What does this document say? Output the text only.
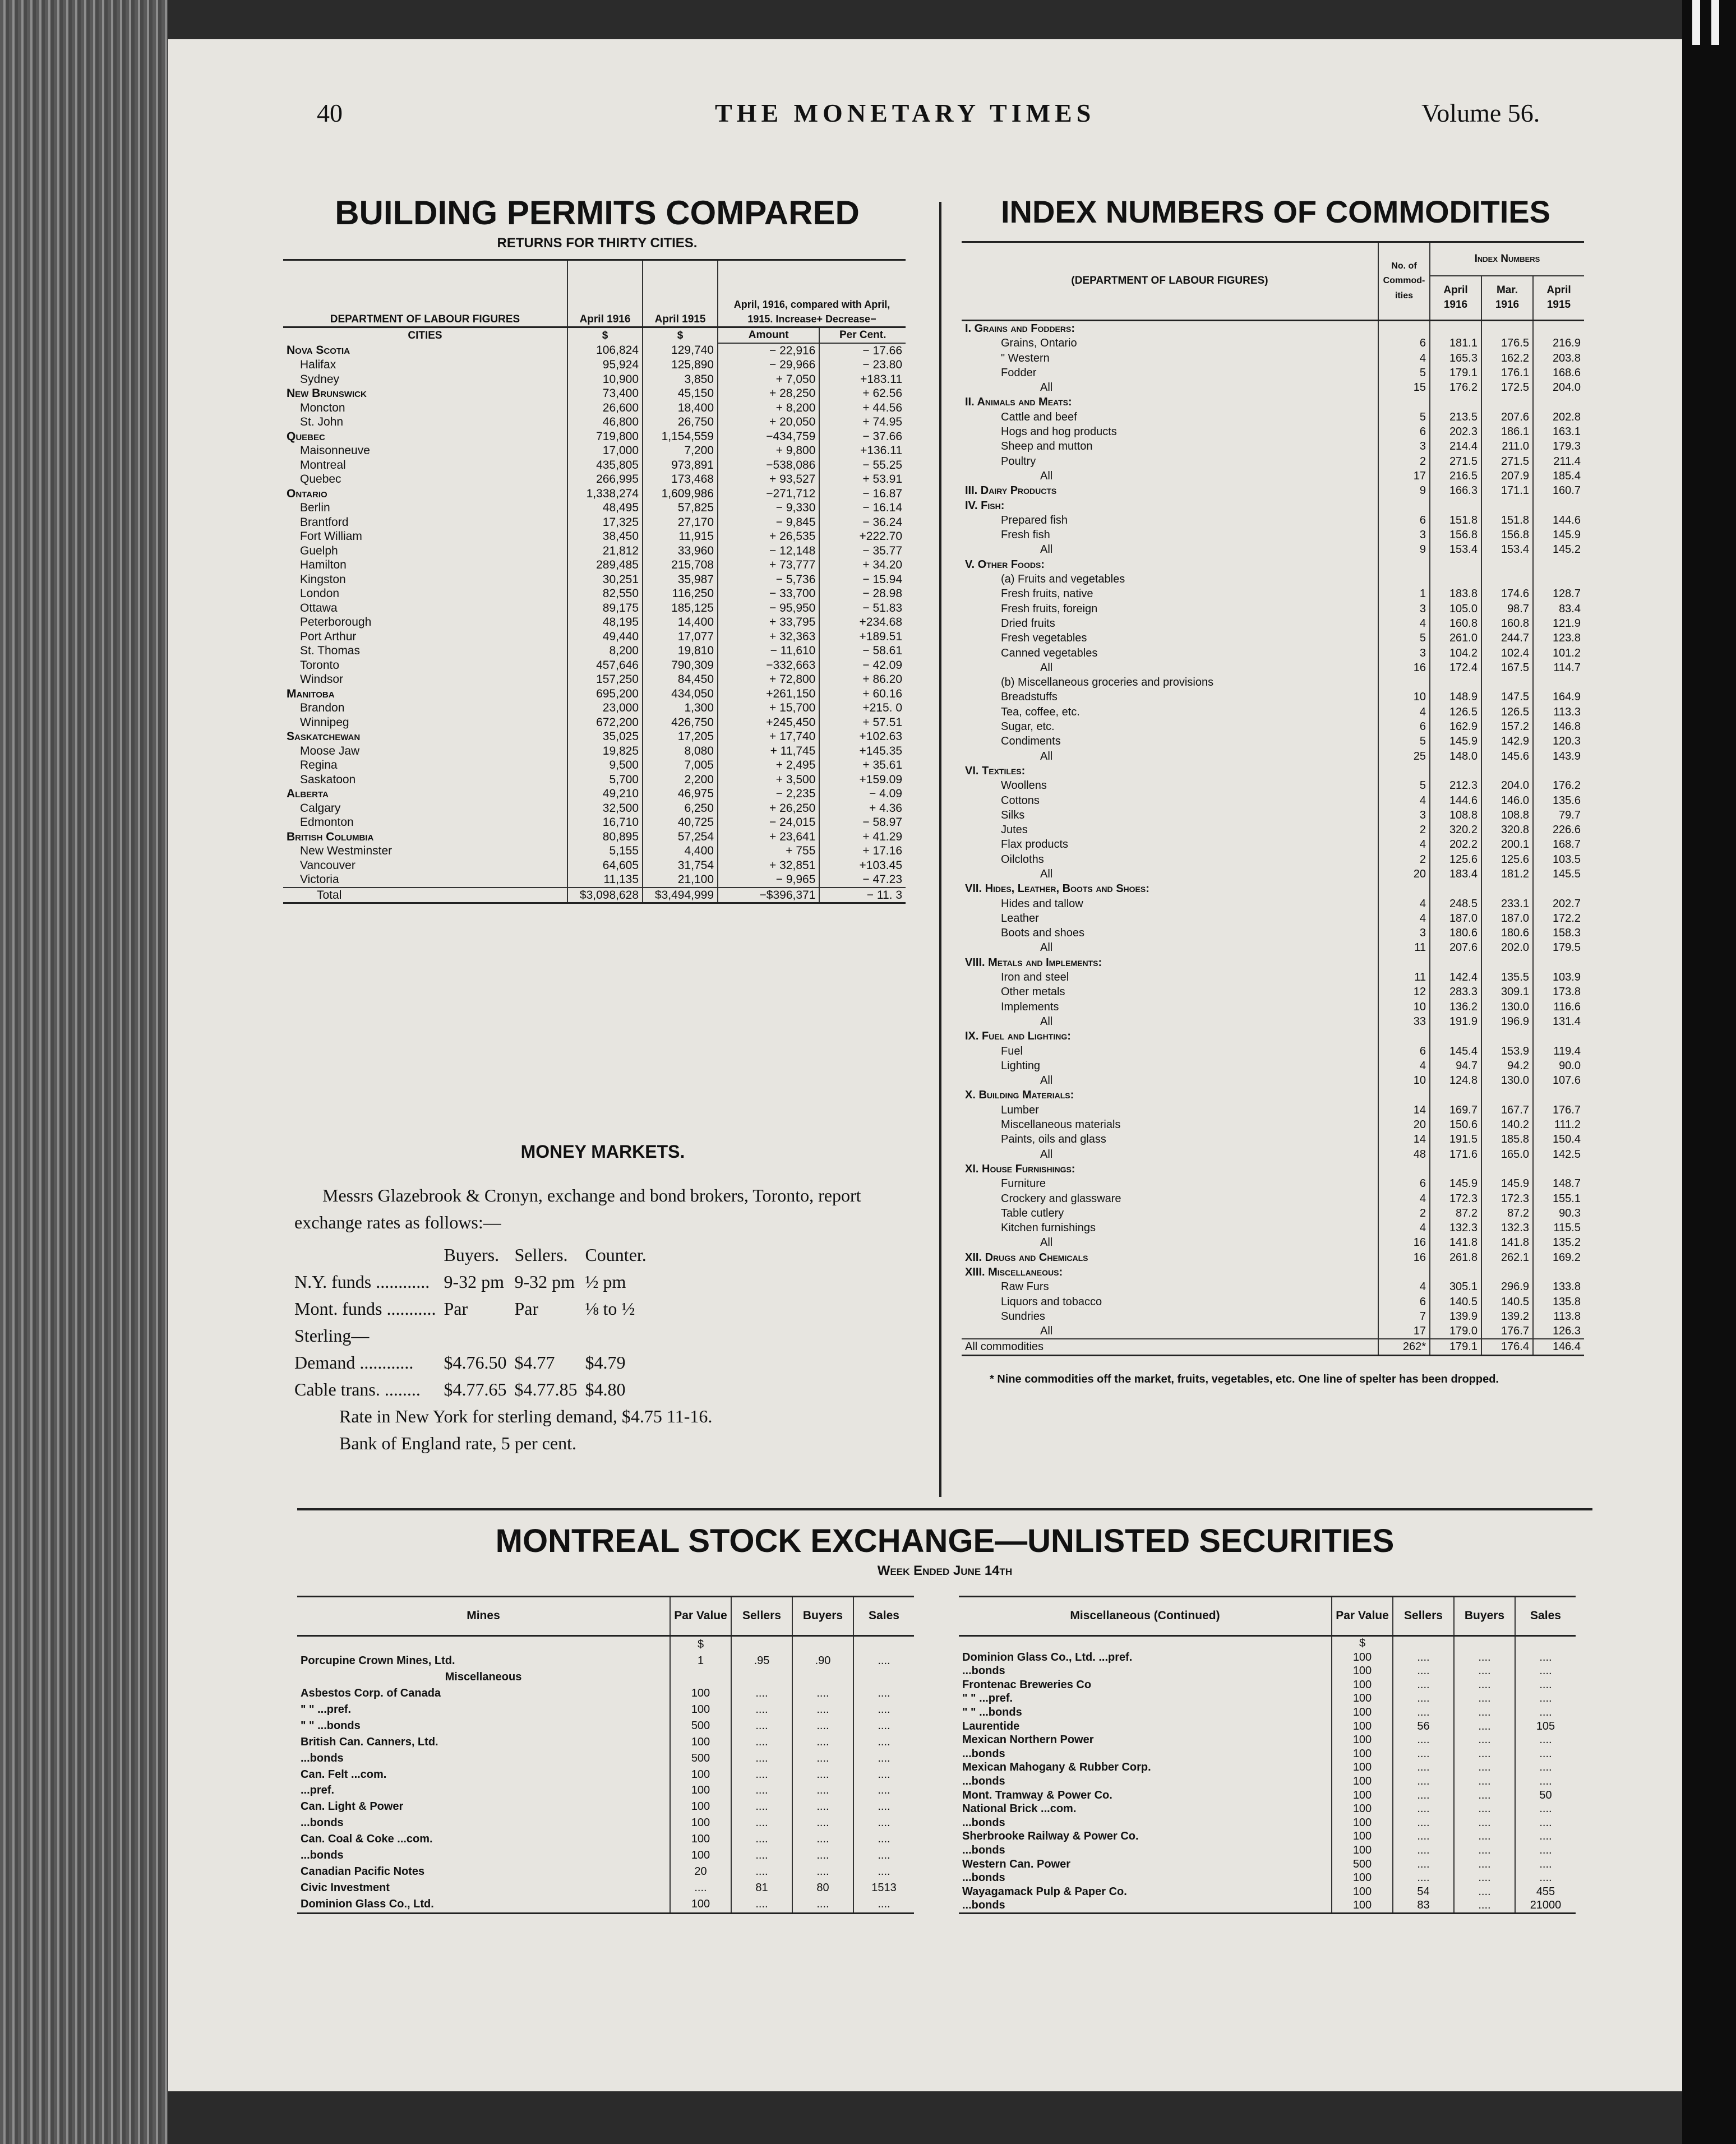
40	THE MONETARY TIMES	Volume 56.
BUILDING PERMITS COMPARED
RETURNS FOR THIRTY CITIES.
DEPARTMENT OF LABOUR FIGURES	April 1916	April 1915	April, 1916, compared with April, 1915. Increase+ Decrease−	
CITIES	$	$	Amount	Per Cent.
Nova Scotia	106,824	129,740	− 22,916	− 17.66
Halifax	95,924	125,890	− 29,966	− 23.80
Sydney	10,900	3,850	+ 7,050	+183.11

New Brunswick	73,400	45,150	+ 28,250	+ 62.56
Moncton	26,600	18,400	+ 8,200	+ 44.56
St. John	46,800	26,750	+ 20,050	+ 74.95

Quebec	719,800	1,154,559	−434,759	− 37.66
Maisonneuve	17,000	7,200	+ 9,800	+136.11
Montreal	435,805	973,891	−538,086	− 55.25
Quebec	266,995	173,468	+ 93,527	+ 53.91

Ontario	1,338,274	1,609,986	−271,712	− 16.87
Berlin	48,495	57,825	− 9,330	− 16.14
Brantford	17,325	27,170	− 9,845	− 36.24
Fort William	38,450	11,915	+ 26,535	+222.70
Guelph	21,812	33,960	− 12,148	− 35.77
Hamilton	289,485	215,708	+ 73,777	+ 34.20
Kingston	30,251	35,987	− 5,736	− 15.94
London	82,550	116,250	− 33,700	− 28.98
Ottawa	89,175	185,125	− 95,950	− 51.83
Peterborough	48,195	14,400	+ 33,795	+234.68
Port Arthur	49,440	17,077	+ 32,363	+189.51
St. Thomas	8,200	19,810	− 11,610	− 58.61
Toronto	457,646	790,309	−332,663	− 42.09
Windsor	157,250	84,450	+ 72,800	+ 86.20

Manitoba	695,200	434,050	+261,150	+ 60.16
Brandon	23,000	1,300	+ 15,700	+215. 0
Winnipeg	672,200	426,750	+245,450	+ 57.51

Saskatchewan	35,025	17,205	+ 17,740	+102.63
Moose Jaw	19,825	8,080	+ 11,745	+145.35
Regina	9,500	7,005	+ 2,495	+ 35.61
Saskatoon	5,700	2,200	+ 3,500	+159.09

Alberta	49,210	46,975	− 2,235	− 4.09
Calgary	32,500	6,250	+ 26,250	+ 4.36
Edmonton	16,710	40,725	− 24,015	− 58.97

British Columbia	80,895	57,254	+ 23,641	+ 41.29
New Westminster	5,155	4,400	+ 755	+ 17.16
Vancouver	64,605	31,754	+ 32,851	+103.45
Victoria	11,135	21,100	− 9,965	− 47.23

Total	$3,098,628	$3,494,999	−$396,371	− 11. 3
MONEY MARKETS.
Messrs Glazebrook & Cronyn, exchange and bond brokers, Toronto, report exchange rates as follows:—
	Buyers.	Sellers.	Counter.
N.Y. funds ............	9-32 pm	9-32 pm	½ pm
Mont. funds ...........	Par	Par	⅛ to ½
Sterling—			
Demand ............	$4.76.50	$4.77	$4.79
Cable trans. ........	$4.77.65	$4.77.85	$4.80
Rate in New York for sterling demand, $4.75 11-16.
Bank of England rate, 5 per cent.
INDEX NUMBERS OF COMMODITIES
(DEPARTMENT OF LABOUR FIGURES)	No. of Commod- ities	Index Numbers		
		April 1916	Mar. 1916	April 1915
I. Grains and Fodders:				
Grains, Ontario	6	181.1	176.5	216.9
" Western	4	165.3	162.2	203.8
Fodder	5	179.1	176.1	168.6
All	15	176.2	172.5	204.0
II. Animals and Meats:				
Cattle and beef	5	213.5	207.6	202.8
Hogs and hog products	6	202.3	186.1	163.1
Sheep and mutton	3	214.4	211.0	179.3
Poultry	2	271.5	271.5	211.4
All	17	216.5	207.9	185.4
III. Dairy Products	9	166.3	171.1	160.7
IV. Fish:				
Prepared fish	6	151.8	151.8	144.6
Fresh fish	3	156.8	156.8	145.9
All	9	153.4	153.4	145.2
V. Other Foods:				
(a) Fruits and vegetables				
Fresh fruits, native	1	183.8	174.6	128.7
Fresh fruits, foreign	3	105.0	98.7	83.4
Dried fruits	4	160.8	160.8	121.9
Fresh vegetables	5	261.0	244.7	123.8
Canned vegetables	3	104.2	102.4	101.2
All	16	172.4	167.5	114.7
(b) Miscellaneous groceries and provisions				
Breadstuffs	10	148.9	147.5	164.9
Tea, coffee, etc.	4	126.5	126.5	113.3
Sugar, etc.	6	162.9	157.2	146.8
Condiments	5	145.9	142.9	120.3
All	25	148.0	145.6	143.9
VI. Textiles:				
Woollens	5	212.3	204.0	176.2
Cottons	4	144.6	146.0	135.6
Silks	3	108.8	108.8	79.7
Jutes	2	320.2	320.8	226.6
Flax products	4	202.2	200.1	168.7
Oilcloths	2	125.6	125.6	103.5
All	20	183.4	181.2	145.5
VII. Hides, Leather, Boots and Shoes:				
Hides and tallow	4	248.5	233.1	202.7
Leather	4	187.0	187.0	172.2
Boots and shoes	3	180.6	180.6	158.3
All	11	207.6	202.0	179.5
VIII. Metals and Implements:				
Iron and steel	11	142.4	135.5	103.9
Other metals	12	283.3	309.1	173.8
Implements	10	136.2	130.0	116.6
All	33	191.9	196.9	131.4
IX. Fuel and Lighting:				
Fuel	6	145.4	153.9	119.4
Lighting	4	94.7	94.2	90.0
All	10	124.8	130.0	107.6
X. Building Materials:				
Lumber	14	169.7	167.7	176.7
Miscellaneous materials	20	150.6	140.2	111.2
Paints, oils and glass	14	191.5	185.8	150.4
All	48	171.6	165.0	142.5
XI. House Furnishings:				
Furniture	6	145.9	145.9	148.7
Crockery and glassware	4	172.3	172.3	155.1
Table cutlery	2	87.2	87.2	90.3
Kitchen furnishings	4	132.3	132.3	115.5
All	16	141.8	141.8	135.2
XII. Drugs and Chemicals	16	261.8	262.1	169.2
XIII. Miscellaneous:				
Raw Furs	4	305.1	296.9	133.8
Liquors and tobacco	6	140.5	140.5	135.8
Sundries	7	139.9	139.2	113.8
All	17	179.0	176.7	126.3

All commodities	262*	179.1	176.4	146.4
* Nine commodities off the market, fruits, vegetables, etc. One line of spelter has been dropped.
MONTREAL STOCK EXCHANGE—UNLISTED SECURITIES
Week Ended June 14th
Mines	Par Value	Sellers	Buyers	Sales
	$			
Porcupine Crown Mines, Ltd.	1	.95	.90	....
Miscellaneous				
Asbestos Corp. of Canada	100	....	....	....
" " ...pref.	100	....	....	....
" " ...bonds	500	....	....	....
British Can. Canners, Ltd.	100	....	....	....
...bonds	500	....	....	....
Can. Felt ...com.	100	....	....	....
...pref.	100	....	....	....
Can. Light & Power	100	....	....	....
...bonds	100	....	....	....
Can. Coal & Coke ...com.	100	....	....	....
...bonds	100	....	....	....
Canadian Pacific Notes	20	....	....	....
Civic Investment	....	81	80	1513
Dominion Glass Co., Ltd.	100	....	....	....
Miscellaneous (Continued)	Par Value	Sellers	Buyers	Sales
	$			
Dominion Glass Co., Ltd. ...pref.	100	....	....	....
...bonds	100	....	....	....
Frontenac Breweries Co	100	....	....	....
" " ...pref.	100	....	....	....
" " ...bonds	100	....	....	....
Laurentide	100	56	....	105
Mexican Northern Power	100	....	....	....
...bonds	100	....	....	....
Mexican Mahogany & Rubber Corp.	100	....	....	....
...bonds	100	....	....	....
Mont. Tramway & Power Co.	100	....	....	50
National Brick ...com.	100	....	....	....
...bonds	100	....	....	....
Sherbrooke Railway & Power Co.	100	....	....	....
...bonds	100	....	....	....
Western Can. Power	500	....	....	....
...bonds	100	....	....	....
Wayagamack Pulp & Paper Co.	100	54	....	455
...bonds	100	83	....	21000
